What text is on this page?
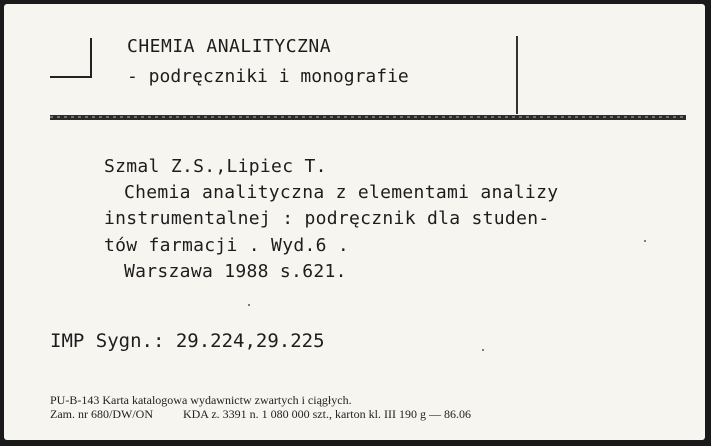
CHEMIA ANALITYCZNA
- podręczniki i monografie
Szmal Z.S.,Lipiec T.
Chemia analityczna z elementami analizy
instrumentalnej : podręcznik dla studen-
tów farmacji . Wyd.6 .
Warszawa 1988 s.621.
IMP Sygn.: 29.224,29.225
PU-B-143 Karta katalogowa wydawnictw zwartych i ciągłych.
Zam. nr 680/DW/ON          KDA z. 3391 n. 1 080 000 szt., karton kl. III 190 g — 86.06
